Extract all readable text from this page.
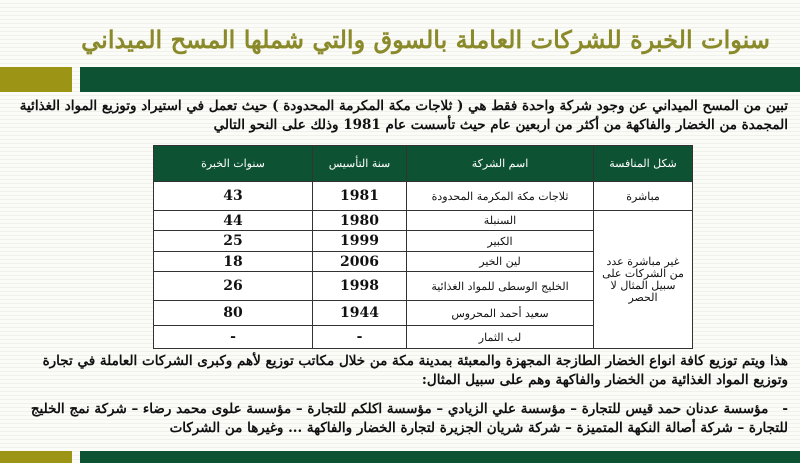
سنوات الخبرة للشركات العاملة بالسوق والتي شملها المسح الميداني
تبين من المسح الميداني عن وجود شركة واحدة فقط هي ( ثلاجات مكة المكرمة المحدودة ) حيث تعمل في استيراد وتوزيع المواد الغذائية المجمدة من الخضار والفاكهة من أكثر من اربعين عام حيث تأسست عام 1981 وذلك على النحو التالي
شكل المنافسة	اسم الشركة	سنة التأسيس	سنوات الخبرة
مباشرة	ثلاجات مكة المكرمة المحدودة	1981	43
غير مباشرة عدد من الشركات على سبيل المثال لا الحصر	السنبلة	1980	44
	الكبير	1999	25
	لين الخير	2006	18
	الخليج الوسطى للمواد الغذائية	1998	26
	سعيد أحمد المحروس	1944	80
	لب الثمار	-	-
هذا ويتم توزيع كافة انواع الخضار الطازجة المجهزة والمعبئة بمدينة مكة من خلال مكاتب توزيع لأهم وكبرى الشركات العاملة في تجارة وتوزيع المواد الغذائية من الخضار والفاكهة وهم على سبيل المثال:
-   مؤسسة عدنان حمد قيس للتجارة – مؤسسة علي الزيادي – مؤسسة اكلكم للتجارة – مؤسسة علوى محمد رضاء – شركة نمج الخليج للتجارة – شركة أصالة النكهة المتميزة – شركة شريان الجزيرة لتجارة الخضار والفاكهة ... وغيرها من الشركات
